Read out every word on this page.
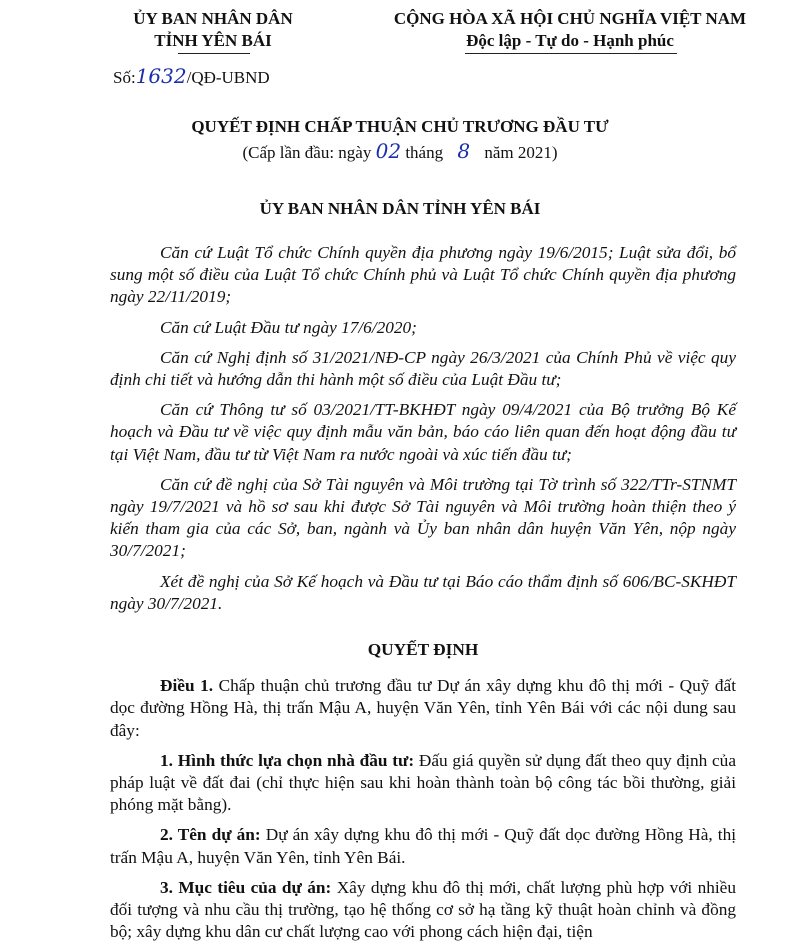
ỦY BAN NHÂN DÂN
TỈNH YÊN BÁI
CỘNG HÒA XÃ HỘI CHỦ NGHĨA VIỆT NAM
Độc lập - Tự do - Hạnh phúc
Số:1632/QĐ-UBND
QUYẾT ĐỊNH CHẤP THUẬN CHỦ TRƯƠNG ĐẦU TƯ
(Cấp lần đầu: ngày 02 tháng 8 năm 2021)
ỦY BAN NHÂN DÂN TỈNH YÊN BÁI

Căn cứ Luật Tổ chức Chính quyền địa phương ngày 19/6/2015; Luật sửa đổi, bổ sung một số điều của Luật Tổ chức Chính phủ và Luật Tổ chức Chính quyền địa phương ngày 22/11/2019;

Căn cứ Luật Đầu tư ngày 17/6/2020;

Căn cứ Nghị định số 31/2021/NĐ-CP ngày 26/3/2021 của Chính Phủ về việc quy định chi tiết và hướng dẫn thi hành một số điều của Luật Đầu tư;

Căn cứ Thông tư số 03/2021/TT-BKHĐT ngày 09/4/2021 của Bộ trưởng Bộ Kế hoạch và Đầu tư về việc quy định mẫu văn bản, báo cáo liên quan đến hoạt động đầu tư tại Việt Nam, đầu tư từ Việt Nam ra nước ngoài và xúc tiến đầu tư;

Căn cứ đề nghị của Sở Tài nguyên và Môi trường tại Tờ trình số 322/TTr-STNMT ngày 19/7/2021 và hồ sơ sau khi được Sở Tài nguyên và Môi trường hoàn thiện theo ý kiến tham gia của các Sở, ban, ngành và Ủy ban nhân dân huyện Văn Yên, nộp ngày 30/7/2021;

Xét đề nghị của Sở Kế hoạch và Đầu tư tại Báo cáo thẩm định số 606/BC-SKHĐT ngày 30/7/2021.

QUYẾT ĐỊNH

Điều 1. Chấp thuận chủ trương đầu tư Dự án xây dựng khu đô thị mới - Quỹ đất dọc đường Hồng Hà, thị trấn Mậu A, huyện Văn Yên, tỉnh Yên Bái với các nội dung sau đây:

1. Hình thức lựa chọn nhà đầu tư: Đấu giá quyền sử dụng đất theo quy định của pháp luật về đất đai (chỉ thực hiện sau khi hoàn thành toàn bộ công tác bồi thường, giải phóng mặt bằng).

2. Tên dự án: Dự án xây dựng khu đô thị mới - Quỹ đất dọc đường Hồng Hà, thị trấn Mậu A, huyện Văn Yên, tỉnh Yên Bái.

3. Mục tiêu của dự án: Xây dựng khu đô thị mới, chất lượng phù hợp với nhiều đối tượng và nhu cầu thị trường, tạo hệ thống cơ sở hạ tầng kỹ thuật hoàn chỉnh và đồng bộ; xây dựng khu dân cư chất lượng cao với phong cách hiện đại, tiện
